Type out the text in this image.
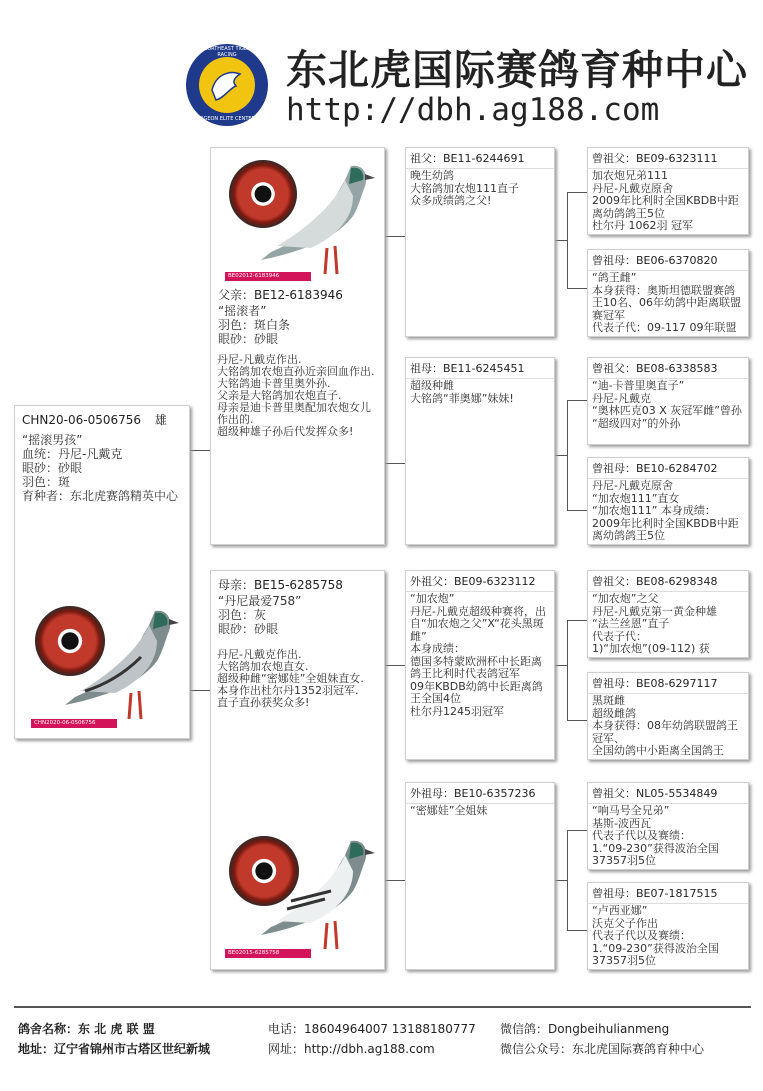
NORTHEAST TIGER RACING
PIGEON ELITE CENTER
东北虎国际赛鸽育种中心
http://dbh.ag188.com
CHN20-06-0506756 雄
“摇滚男孩”
血统：丹尼-凡戴克
眼砂：砂眼
羽色：斑
育种者：东北虎赛鸽精英中心
CHN2020-06-0506756
BE02012-6183946
父亲：BE12-6183946
“摇滚者”
羽色：斑白条
眼砂：砂眼
丹尼-凡戴克作出.
大铭鸽加农炮直孙近亲回血作出.
大铭鸽迪卡普里奥外孙.
父亲是大铭鸽加农炮直子.
母亲是迪卡普里奥配加农炮女儿作出的.
超级种雄子孙后代发挥众多!
母亲：BE15-6285758
“丹尼最爱758”
羽色：灰
眼砂：砂眼
丹尼-凡戴克作出.
大铭鸽加农炮直女.
超级种雌“密娜娃”全姐妹直女.
本身作出杜尔丹1352羽冠军.
直子直孙获奖众多!
BE02015-6285758
祖父：BE11-6244691
晚生幼鸽
大铭鸽加农炮111直子
众多成绩鸽之父!
祖母：BE11-6245451
超级种雌
大铭鸽“菲奥娜”妹妹!
外祖父：BE09-6323112
“加农炮”
丹尼-凡戴克超级种赛将，出自“加农炮之父”X“花头黑斑雌”
本身成绩：
德国多特蒙欧洲杯中长距离鸽王比利时代表鸽冠军
09年KBDB幼鸽中长距离鸽王全国4位
杜尔丹1245羽冠军
外祖母：BE10-6357236
“密娜娃”全姐妹
曾祖父：BE09-6323111
加农炮兄弟111
丹尼-凡戴克原舍
2009年比利时全国KBDB中距离幼鸽鸽王5位
杜尔丹 1062羽 冠军
曾祖母：BE06-6370820
“鸽王雌”
本身获得：奥斯坦德联盟赛鸽王10名、06年幼鸽中距离联盟赛冠军
代表子代：09-117 09年联盟
曾祖父：BE08-6338583
“迪-卡普里奥直子”
丹尼-凡戴克
“奥林匹克03 X 灰冠军雌”曾孙
“超级四对”的外孙
曾祖母：BE10-6284702
丹尼-凡戴克原舍
“加农炮111”直女
“加农炮111” 本身成绩：
2009年比利时全国KBDB中距离幼鸽鸽王5位
曾祖父：BE08-6298348
“加农炮”之父
丹尼-凡戴克第一黄金种雄
“法兰丝恩”直子
代表子代：
1)“加农炮”(09-112) 获
曾祖母：BE08-6297117
黑斑雌
超级雌鸽
本身获得：08年幼鸽联盟鸽王冠军、
全国幼鸽中小距离全国鸽王
曾祖父：NL05-5534849
“响马号全兄弟”
基斯-波西瓦
代表子代以及赛绩：
1.“09-230”获得波治全国37357羽5位
曾祖母：BE07-1817515
“卢西亚娜”
沃克父子作出
代表子代以及赛绩：
1.“09-230”获得波治全国37357羽5位
鸽舍名称：东 北 虎 联 盟	电话：18604964007 13188180777 微信鸽：Dongbeihulianmeng
地址：辽宁省锦州市古塔区世纪新城	网址：http://dbh.ag188.com	微信公众号：东北虎国际赛鸽育种中心
